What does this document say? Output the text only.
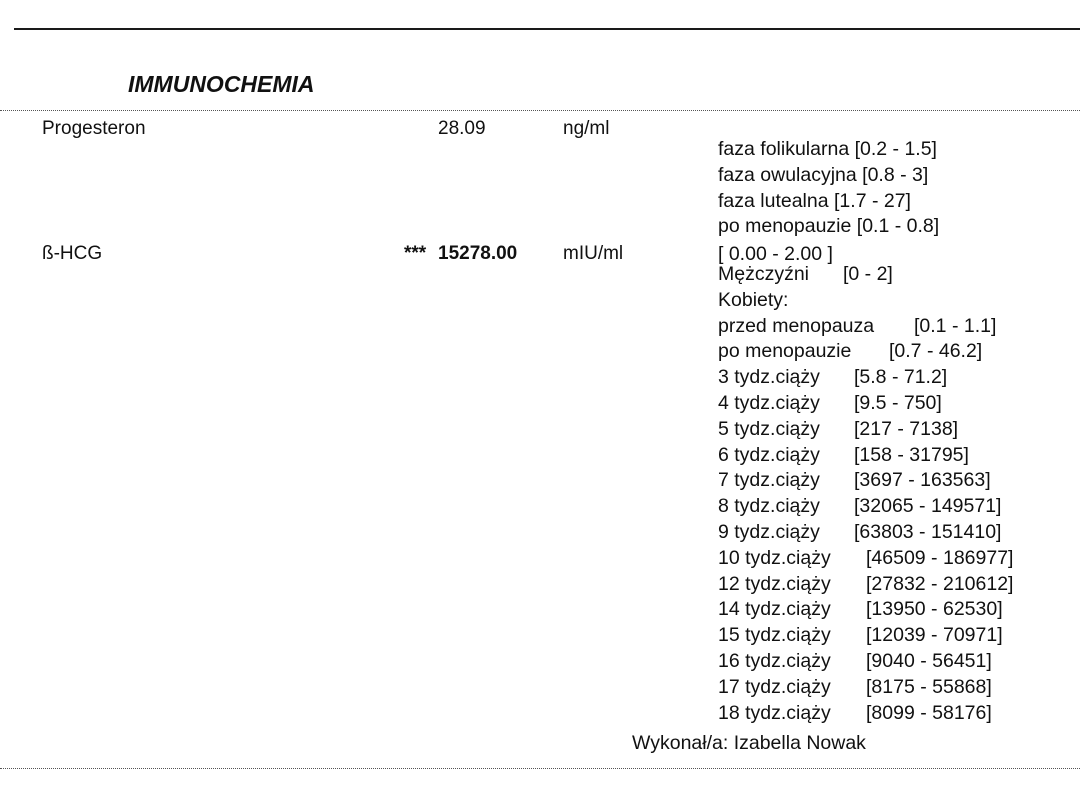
IMMUNOCHEMIA
Progesteron	28.09	ng/ml
faza folikularna [0.2 - 1.5]
faza owulacyjna [0.8 - 3]
faza lutealna [1.7 - 27]
po menopauzie [0.1 - 0.8]
ß-HCG	*** 15278.00 mIU/ml	[ 0.00 - 2.00 ]
Mężczyźni [0 - 2]
Kobiety:
przed menopauza [0.1 - 1.1]
po menopauzie [0.7 - 46.2]
3 tydz.ciąży [5.8 - 71.2]
4 tydz.ciąży [9.5 - 750]
5 tydz.ciąży [217 - 7138]
6 tydz.ciąży [158 - 31795]
7 tydz.ciąży [3697 - 163563]
8 tydz.ciąży [32065 - 149571]
9 tydz.ciąży [63803 - 151410]
10 tydz.ciąży [46509 - 186977]
12 tydz.ciąży [27832 - 210612]
14 tydz.ciąży [13950 - 62530]
15 tydz.ciąży [12039 - 70971]
16 tydz.ciąży [9040 - 56451]
17 tydz.ciąży [8175 - 55868]
18 tydz.ciąży [8099 - 58176]
Wykonał/a: Izabella Nowak
